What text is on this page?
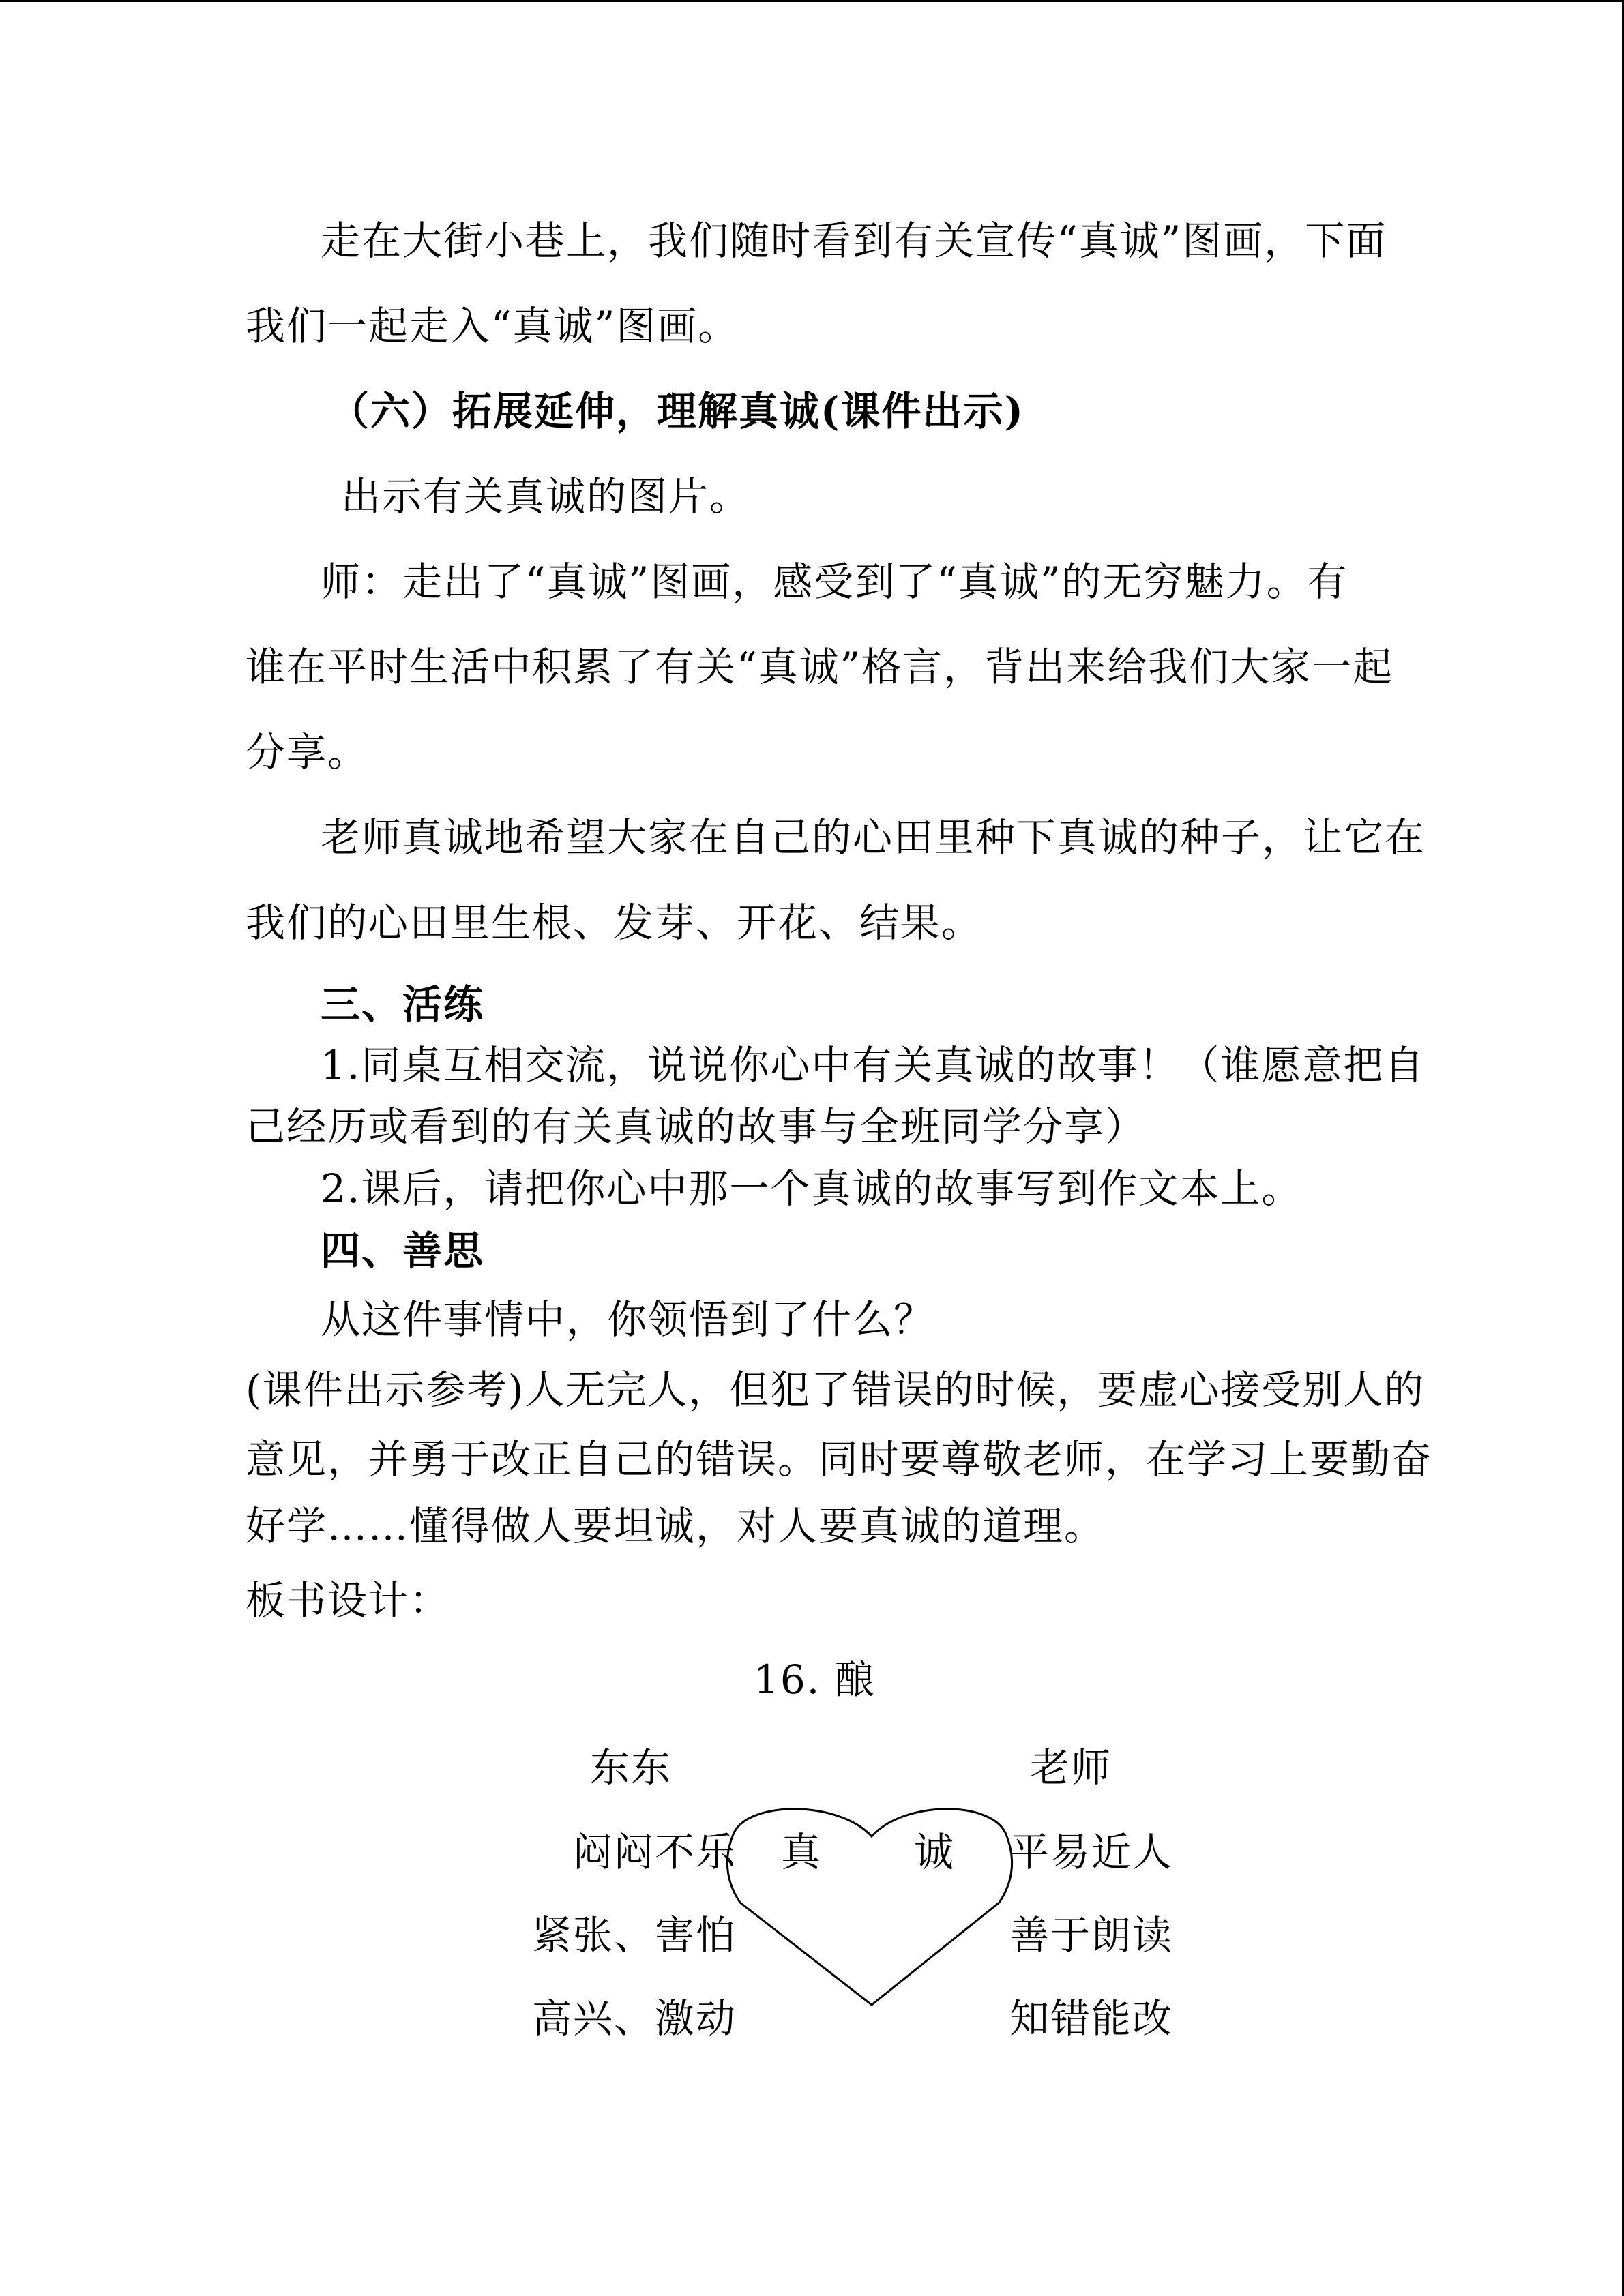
走在大街小巷上，我们随时看到有关宣传“真诚”图画，下面
我们一起走入“真诚”图画。
（六）拓展延伸，理解真诚(课件出示)
出示有关真诚的图片。
师：走出了“真诚”图画，感受到了“真诚”的无穷魅力。有
谁在平时生活中积累了有关“真诚”格言，背出来给我们大家一起
分享。
老师真诚地希望大家在自己的心田里种下真诚的种子，让它在
我们的心田里生根、发芽、开花、结果。
三、活练
1.同桌互相交流，说说你心中有关真诚的故事！（谁愿意把自
己经历或看到的有关真诚的故事与全班同学分享）
2.课后，请把你心中那一个真诚的故事写到作文本上。
四、善思
从这件事情中，你领悟到了什么？
(课件出示参考)人无完人，但犯了错误的时候，要虚心接受别人的
意见，并勇于改正自己的错误。同时要尊敬老师，在学习上要勤奋
好学……懂得做人要坦诚，对人要真诚的道理。
板书设计：
16. 酿
东东	老师
闷闷不乐
紧张、害怕
高兴、激动
平易近人
善于朗读
知错能改
真 诚
